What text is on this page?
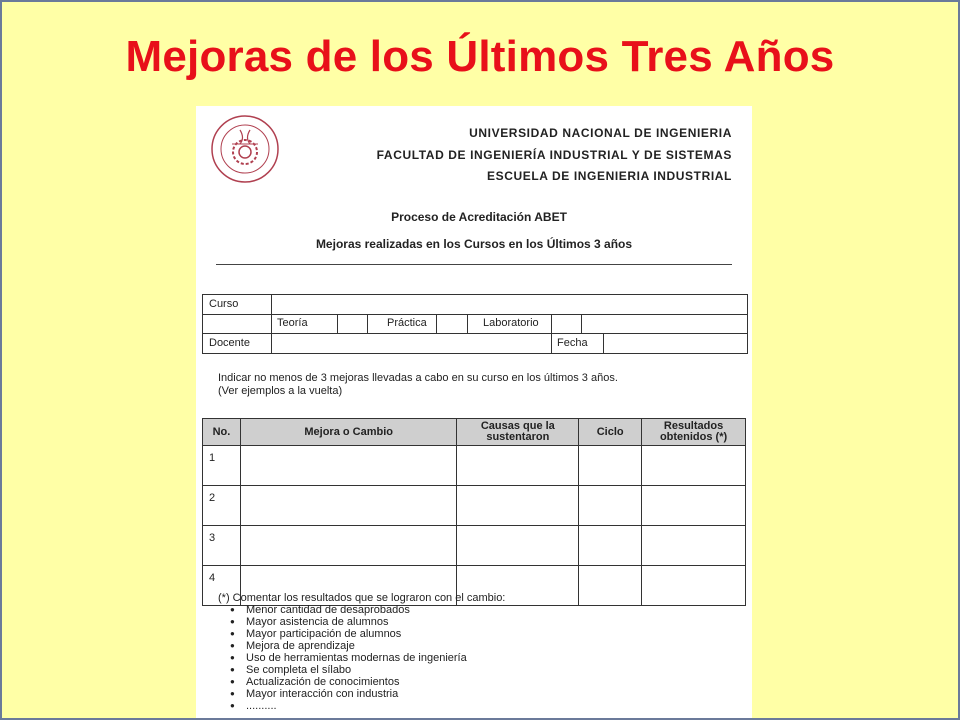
Mejoras de los Últimos Tres Años
UNIVERSIDAD NACIONAL DE INGENIERIA
FACULTAD DE INGENIERÍA INDUSTRIAL Y DE SISTEMAS
ESCUELA DE INGENIERIA INDUSTRIAL
Proceso de Acreditación ABET
Mejoras realizadas en los Cursos en los Últimos 3 años
Curso
Teoría	Práctica	Laboratorio
Docente	Fecha
Indicar no menos de 3 mejoras llevadas a cabo en su curso en los últimos 3 años.
(Ver ejemplos a la vuelta)
No.	Mejora o Cambio	Causas que la sustentaron	Ciclo	Resultados obtenidos (*)
1				
2				
3				
4				
(*) Comentar los resultados que se lograron con el cambio:
● Menor cantidad de desaprobados
● Mayor asistencia de alumnos
● Mayor participación de alumnos
● Mejora de aprendizaje
● Uso de herramientas modernas de ingeniería
● Se completa el sílabo
● Actualización de conocimientos
● Mayor interacción con industria
● ..........
